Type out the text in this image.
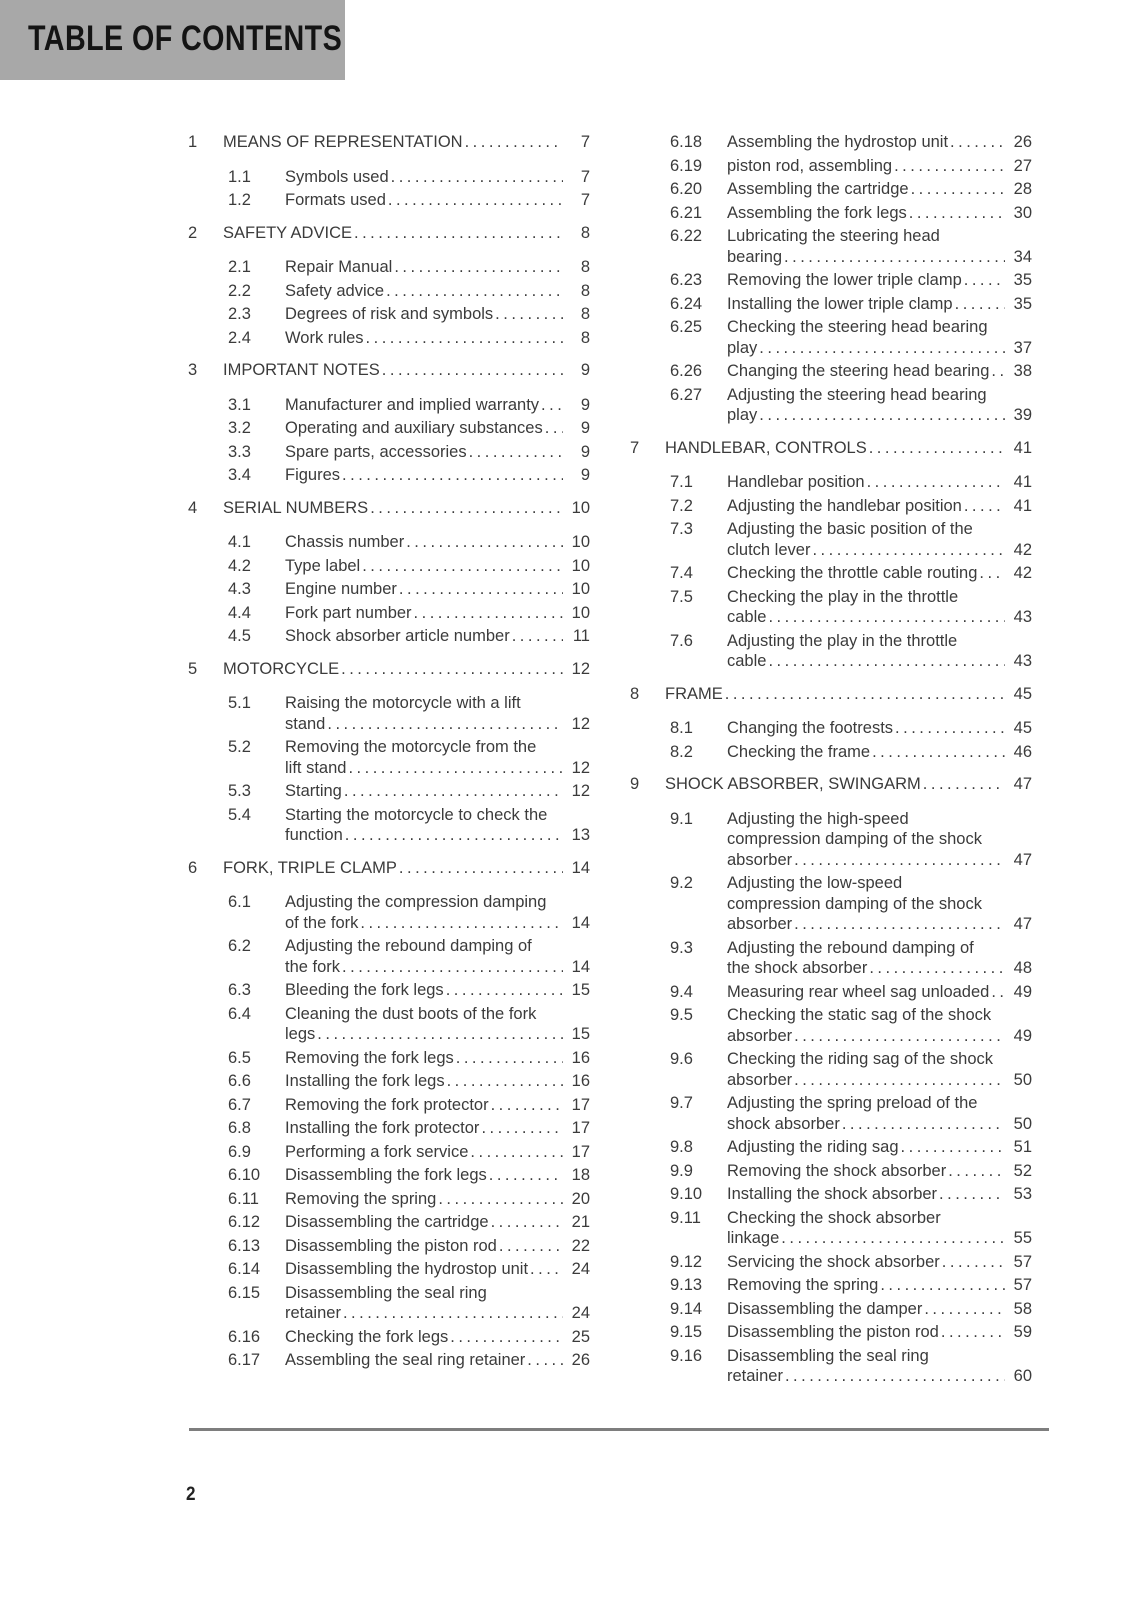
TABLE OF CONTENTS
1	MEANS OF REPRESENTATION .....	7
1.1	Symbols used .....	7
1.2	Formats used .....	7
2	SAFETY ADVICE .....	8
2.1	Repair Manual .....	8
2.2	Safety advice .....	8
2.3	Degrees of risk and symbols .....	8
2.4	Work rules .....	8
3	IMPORTANT NOTES .....	9
3.1	Manufacturer and implied warranty .....	9
3.2	Operating and auxiliary substances .....	9
3.3	Spare parts, accessories .....	9
3.4	Figures .....	9
4	SERIAL NUMBERS .....	10
4.1	Chassis number .....	10
4.2	Type label .....	10
4.3	Engine number .....	10
4.4	Fork part number .....	10
4.5	Shock absorber article number .....	11
5	MOTORCYCLE .....	12
5.1	Raising the motorcycle with a lift
stand .....	12
5.2	Removing the motorcycle from the
lift stand .....	12
5.3	Starting .....	12
5.4	Starting the motorcycle to check the
function .....	13
6	FORK, TRIPLE CLAMP .....	14
6.1	Adjusting the compression damping
of the fork .....	14
6.2	Adjusting the rebound damping of
the fork .....	14
6.3	Bleeding the fork legs .....	15
6.4	Cleaning the dust boots of the fork
legs .....	15
6.5	Removing the fork legs .....	16
6.6	Installing the fork legs .....	16
6.7	Removing the fork protector .....	17
6.8	Installing the fork protector .....	17
6.9	Performing a fork service .....	17
6.10	Disassembling the fork legs .....	18
6.11	Removing the spring .....	20
6.12	Disassembling the cartridge .....	21
6.13	Disassembling the piston rod .....	22
6.14	Disassembling the hydrostop unit .....	24
6.15	Disassembling the seal ring
retainer .....	24
6.16	Checking the fork legs .....	25
6.17	Assembling the seal ring retainer .....	26
6.18	Assembling the hydrostop unit .....	26
6.19	piston rod, assembling .....	27
6.20	Assembling the cartridge .....	28
6.21	Assembling the fork legs .....	30
6.22	Lubricating the steering head
bearing .....	34
6.23	Removing the lower triple clamp .....	35
6.24	Installing the lower triple clamp .....	35
6.25	Checking the steering head bearing
play .....	37
6.26	Changing the steering head bearing ..... 38
6.27	Adjusting the steering head bearing
play .....	39
7	HANDLEBAR, CONTROLS .....	41
7.1	Handlebar position .....	41
7.2	Adjusting the handlebar position .....	41
7.3	Adjusting the basic position of the
clutch lever .....	42
7.4	Checking the throttle cable routing ..... 42
7.5	Checking the play in the throttle
cable .....	43
7.6	Adjusting the play in the throttle
cable .....	43
8	FRAME .....	45
8.1	Changing the footrests .....	45
8.2	Checking the frame .....	46
9	SHOCK ABSORBER, SWINGARM .....	47
9.1	Adjusting the high-speed
compression damping of the shock
absorber .....	47
9.2	Adjusting the low-speed
compression damping of the shock
absorber .....	47
9.3	Adjusting the rebound damping of
the shock absorber .....	48
9.4	Measuring rear wheel sag unloaded ..... 49
9.5	Checking the static sag of the shock
absorber .....	49
9.6	Checking the riding sag of the shock
absorber .....	50
9.7	Adjusting the spring preload of the
shock absorber .....	50
9.8	Adjusting the riding sag .....	51
9.9	Removing the shock absorber .....	52
9.10	Installing the shock absorber .....	53
9.11	Checking the shock absorber
linkage .....	55
9.12	Servicing the shock absorber .....	57
9.13	Removing the spring .....	57
9.14	Disassembling the damper .....	58
9.15	Disassembling the piston rod .....	59
9.16	Disassembling the seal ring
retainer .....	60
2
